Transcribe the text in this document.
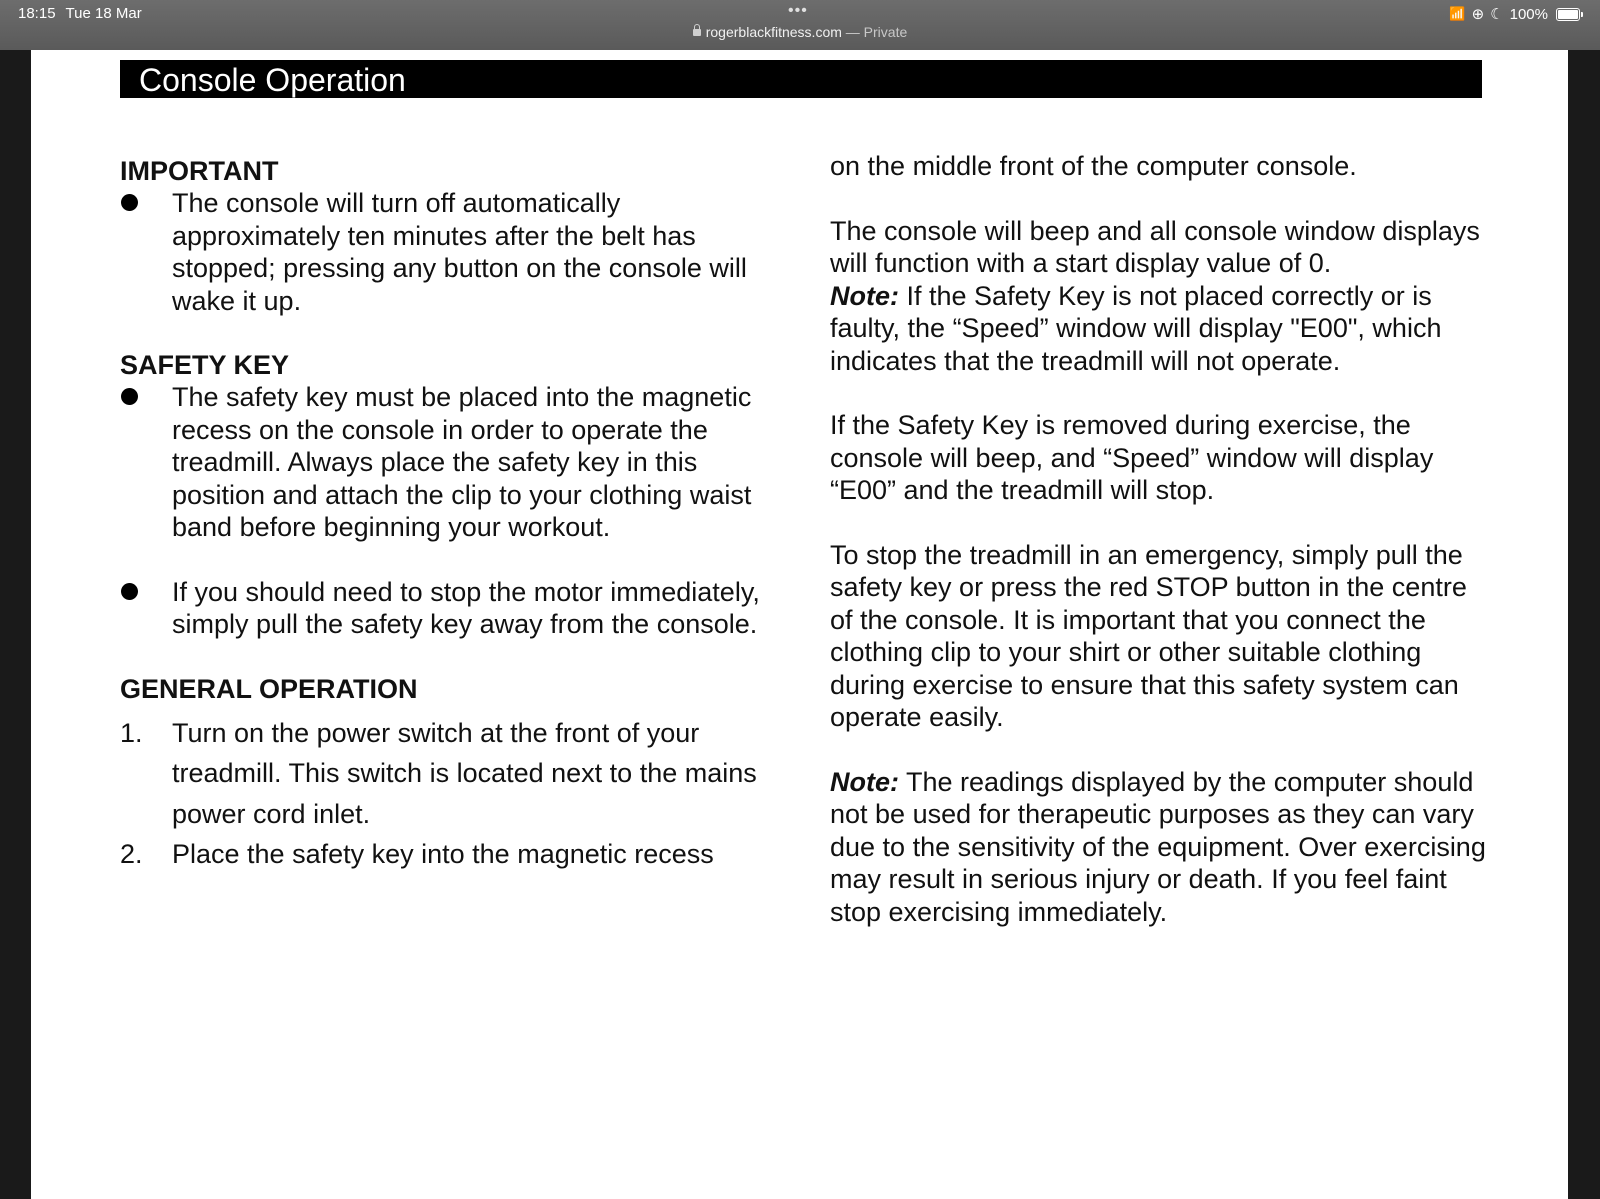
18:15 Tue 18 Mar	•••
rogerblackfitness.com — Private
📶 ⊕ ☾ 100%
Console Operation
IMPORTANT

The console will turn off automatically approximately ten minutes after the belt has stopped; pressing any button on the console will wake it up.

SAFETY KEY

The safety key must be placed into the magnetic recess on the console in order to operate the treadmill. Always place the safety key in this position and attach the clip to your clothing waist band before beginning your workout.

If you should need to stop the motor immediately, simply pull the safety key away from the console.

GENERAL OPERATION
1. Turn on the power switch at the front of your treadmill. This switch is located next to the mains power cord inlet.

2. Place the safety key into the magnetic recess

on the middle front of the computer console.

The console will beep and all console window displays will function with a start display value of 0.

Note: If the Safety Key is not placed correctly or is faulty, the “Speed” window will display "E00", which indicates that the treadmill will not operate.

If the Safety Key is removed during exercise, the console will beep, and “Speed” window will display “E00” and the treadmill will stop.

To stop the treadmill in an emergency, simply pull the safety key or press the red STOP button in the centre of the console. It is important that you connect the clothing clip to your shirt or other suitable clothing during exercise to ensure that this safety system can operate easily.

Note: The readings displayed by the computer should not be used for therapeutic purposes as they can vary due to the sensitivity of the equipment. Over exercising may result in serious injury or death. If you feel faint stop exercising immediately.
